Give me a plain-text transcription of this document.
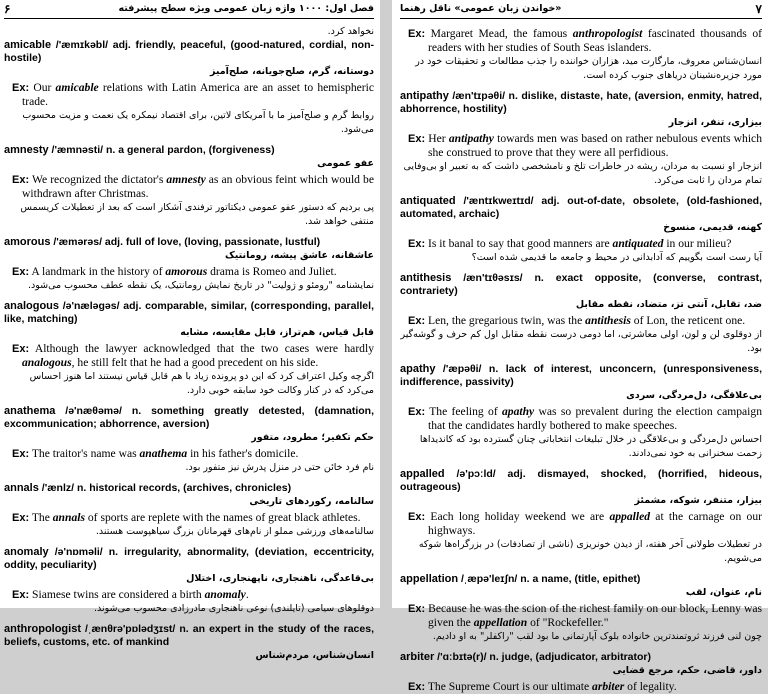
۶	فصل اول: ۱۰۰۰ واژه زبان عمومی ویژه سطح پیشرفته
نخواهد کرد.
amicable /'æmɪkəbl/ adj. friendly, peaceful, (good-natured, cordial, non-hostile)
دوستانه، گرم، صلح‌جویانه، صلح‌آمیز
Ex: Our amicable relations with Latin America are an asset to hemispheric trade.
روابط گرم و صلح‌آمیز ما با آمریکای لاتین، برای اقتصاد نیمکره یک نعمت و مزیت محسوب می‌شود.
amnesty /'æmnəsti/ n. a general pardon, (forgiveness)
عفو عمومی
Ex: We recognized the dictator's amnesty as an obvious feint which would be withdrawn after Christmas.
پی بردیم که دستور عفو عمومی دیکتاتور ترفندی آشکار است که بعد از تعطیلات کریسمس منتفی خواهد شد.
amorous /'æmərəs/ adj. full of love, (loving, passionate, lustful)
عاشقانه، عاشق پیشه، رومانتیک
Ex: A landmark in the history of amorous drama is Romeo and Juliet.
نمایشنامه "رومئو و ژولیت" در تاریخ نمایش رومانتیک، یک نقطه عطف محسوب می‌شود.
analogous /ə'næləgəs/ adj. comparable, similar, (corresponding, parallel, like, matching)
قابل قیاس، هم‌تراز، قابل مقایسه، مشابه
Ex: Although the lawyer acknowledged that the two cases were hardly analogous, he still felt that he had a good precedent on his side.
اگرچه وکیل اعتراف کرد که این دو پرونده زیاد با هم قابل قیاس نیستند اما هنوز احساس می‌کرد که در کنار وکالت خود سابقه خوبی دارد.
anathema /ə'næθəmə/ n. something greatly detested, (damnation, excommunication; abhorrence, aversion)
حکم تکفیر؛ مطرود، متفور
Ex: The traitor's name was anathema in his father's domicile.
نام فرد خائن حتی در منزل پدرش نیز متفور بود.
annals /'ænlz/ n. historical records, (archives, chronicles)
سالنامه، رکوردهای تاریخی
Ex: The annals of sports are replete with the names of great black athletes.
سالنامه‌های ورزشی مملو از نام‌های قهرمانان بزرگ سیاهپوست هستند.
anomaly /ə'nɒməli/ n. irregularity, abnormality, (deviation, eccentricity, oddity, peculiarity)
بی‌قاعدگی، ناهنجاری، ناپهنجاری، اختلال
Ex: Siamese twins are considered a birth anomaly.
دوقلوهای سیامی (تایلندی) نوعی ناهنجاری مادرزادی محسوب می‌شوند.
anthropologist /ˌænθrə'pɒlədʒɪst/ n. an expert in the study of the races, beliefs, customs, etc. of mankind
انسان‌شناس، مردم‌شناس
«خواندن زبان عمومی» ناقل رهنما	۷
Ex: Margaret Mead, the famous anthropologist fascinated thousands of readers with her studies of South Seas islanders.
انسان‌شناس معروف، مارگارت مید، هزاران خواننده را جذب مطالعات و تحقیقات خود در مورد جزیره‌نشینان دریاهای جنوب کرده است.
antipathy /æn'tɪpəθi/ n. dislike, distaste, hate, (aversion, enmity, hatred, abhorrence, hostility)
بیزاری، تنفر، انزجار
Ex: Her antipathy towards men was based on rather nebulous events which she construed to prove that they were all perfidious.
انزجار او نسبت به مردان، ریشه در خاطرات تلخ و نامشخصی داشت که به تعبیر او بی‌وفایی تمام مردان را ثابت می‌کرد.
antiquated /'æntɪkweɪtɪd/ adj. out-of-date, obsolete, (old-fashioned, automated, archaic)
کهنه، قدیمی، منسوخ
Ex: Is it banal to say that good manners are antiquated in our milieu?
آیا رست است بگوییم که آدابدانی در محیط و جامعه ما قدیمی شده است؟
antithesis /æn'tɪθəsɪs/ n. exact opposite, (converse, contrast, contrariety)
ضد، تقابل، آنتی تز، متضاد، نقطه مقابل
Ex: Len, the gregarious twin, was the antithesis of Lon, the reticent one.
از دوقلوی لن و لون، اولی معاشرتی، اما دومی درست نقطه مقابل اول کم حرف و گوشه‌گیر بود.
apathy /'æpəθi/ n. lack of interest, unconcern, (unresponsiveness, indifference, passivity)
بی‌علاقگی، دل‌مردگی، سردی
Ex: The feeling of apathy was so prevalent during the election campaign that the candidates hardly bothered to make speeches.
احساس دل‌مردگی و بی‌علاقگی در خلال تبلیغات انتخاباتی چنان گسترده بود که کاندیداها زحمت سخنرانی به خود نمی‌دادند.
appalled /ə'pɔːld/ adj. dismayed, shocked, (horrified, hideous, outrageous)
بیزار، متنفر، شوکه، مشمئز
Ex: Each long holiday weekend we are appalled at the carnage on our highways.
در تعطیلات طولانی آخر هفته، از دیدن خونریزی (ناشی از تصادفات) در بزرگراه‌ها شوکه می‌شویم.
appellation /ˌæpə'leɪʃn/ n. a name, (title, epithet)
نام، عنوان، لقب
Ex: Because he was the scion of the richest family on our block, Lenny was given the appellation of "Rockefeller."
چون لنی فرزند ثروتمندترین خانواده بلوک آپارتمانی ما بود لقب "راکفلر" به او دادیم.
arbiter /'ɑːbɪtə(r)/ n. judge, (adjudicator, arbitrator)
داور، قاضی، حکم، مرجع قضایی
Ex: The Supreme Court is our ultimate arbiter of legality.
